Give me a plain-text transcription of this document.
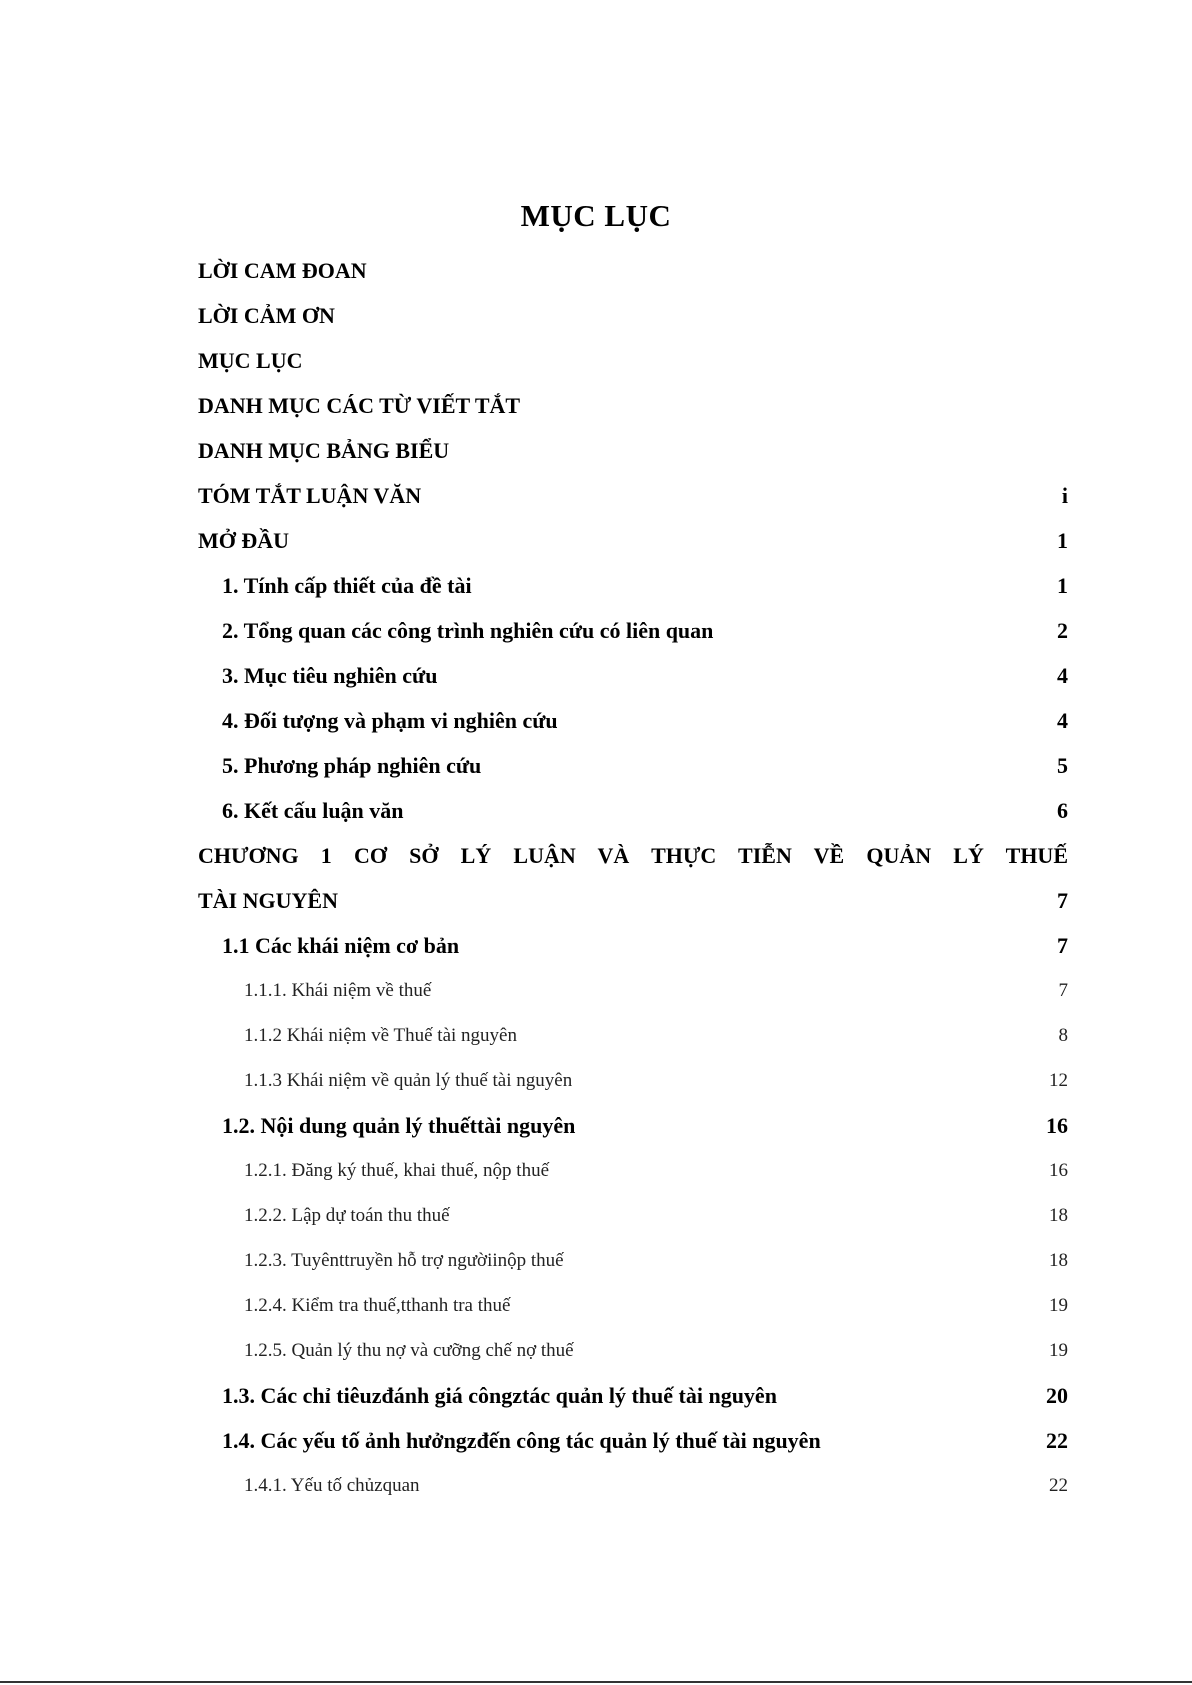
MỤC LỤC
LỜI CAM ĐOAN
LỜI CẢM ƠN
MỤC LỤC
DANH MỤC CÁC TỪ VIẾT TẮT
DANH MỤC BẢNG BIỂU
TÓM TẮT LUẬN VĂN .....	i
MỞ ĐẦU .....	1
1. Tính cấp thiết của đề tài .....	1
2. Tổng quan các công trình nghiên cứu có liên quan .....	2
3. Mục tiêu nghiên cứu .....	4
4. Đối tượng và phạm vi nghiên cứu .....	4
5. Phương pháp nghiên cứu .....	5
6. Kết cấu luận văn .....	6
CHƯƠNG 1 CƠ SỞ LÝ LUẬN VÀ THỰC TIỄN VỀ QUẢN LÝ THUẾ
TÀI NGUYÊN .....	7
1.1 Các khái niệm cơ bản .....	7
1.1.1. Khái niệm về thuế .....	7
1.1.2 Khái niệm về Thuế tài nguyên .....	8
1.1.3 Khái niệm về quản lý thuế tài nguyên .....	12
1.2. Nội dung quản lý thuếttài nguyên .....	16
1.2.1. Đăng ký thuế, khai thuế, nộp thuế .....	16
1.2.2. Lập dự toán thu thuế .....	18
1.2.3. Tuyênttruyền hỗ trợ ngườiinộp thuế .....	18
1.2.4. Kiểm tra thuế,tthanh tra thuế .....	19
1.2.5. Quản lý thu nợ và cưỡng chế nợ thuế .....	19
1.3. Các chỉ tiêuzđánh giá côngztác quản lý thuế tài nguyên .....	20
1.4. Các yếu tố ảnh hưởngzđến công tác quản lý thuế tài nguyên .....	22
1.4.1. Yếu tố chủzquan .....	22
